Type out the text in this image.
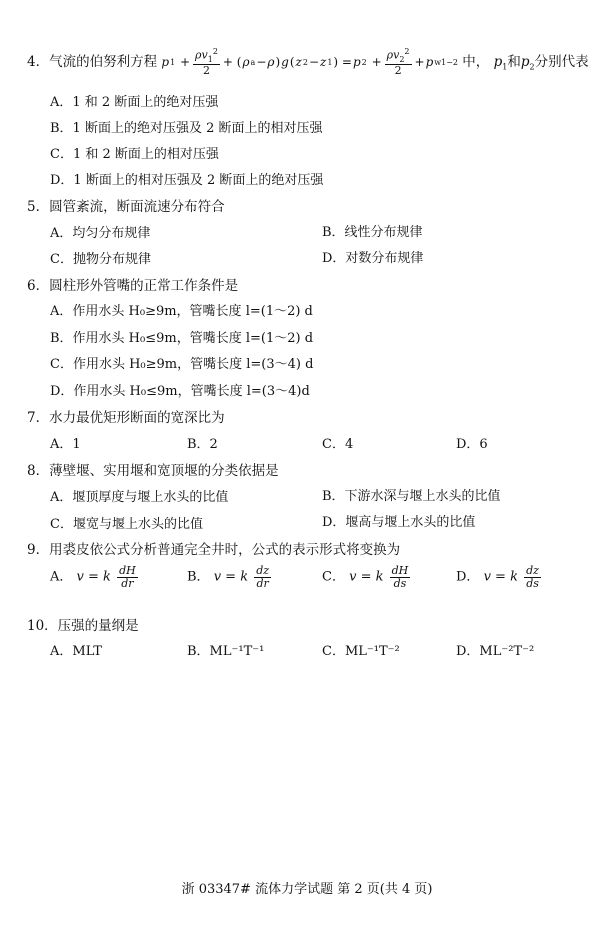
4．气流的伯努利方程 p $1 + \frac{\rho v_1^2}{2}$ + ( ρ a − ρ ) g ( z 2 − z 1 ) = p $2 + \frac{\rho v_2^2}{2} + p$ w1−2 中， $p_1$和$p_2$分别代表
A．1 和 2 断面上的绝对压强
B．1 断面上的绝对压强及 2 断面上的相对压强
C．1 和 2 断面上的相对压强
D．1 断面上的相对压强及 2 断面上的绝对压强
5．圆管紊流，断面流速分布符合
A．均匀分布规律	B．线性分布规律
C．抛物分布规律	D．对数分布规律
6．圆柱形外管嘴的正常工作条件是
A．作用水头 H₀≥9m，管嘴长度 l=(1～2) d
B．作用水头 H₀≤9m，管嘴长度 l=(1～2) d
C．作用水头 H₀≥9m，管嘴长度 l=(3～4) d
D．作用水头 H₀≤9m，管嘴长度 l=(3～4)d
7．水力最优矩形断面的宽深比为
A．1	B．2	C．4	D．6
8．薄壁堰、实用堰和宽顶堰的分类依据是
A．堰顶厚度与堰上水头的比值	B．下游水深与堰上水头的比值
C．堰宽与堰上水头的比值	D．堰高与堰上水头的比值
9．用裘皮依公式分析普通完全井时，公式的表示形式将变换为
A． v = k $\frac{dH}{dr}$	B． v = k $\frac{dz}{dr}$	C． v = k $\frac{dH}{ds}$	D． v = k $\frac{dz}{ds}$
10．压强的量纲是
A．MLT	B．ML⁻¹T⁻¹	C．ML⁻¹T⁻²	D．ML⁻²T⁻²
浙 03347# 流体力学试题 第 2 页(共 4 页)
